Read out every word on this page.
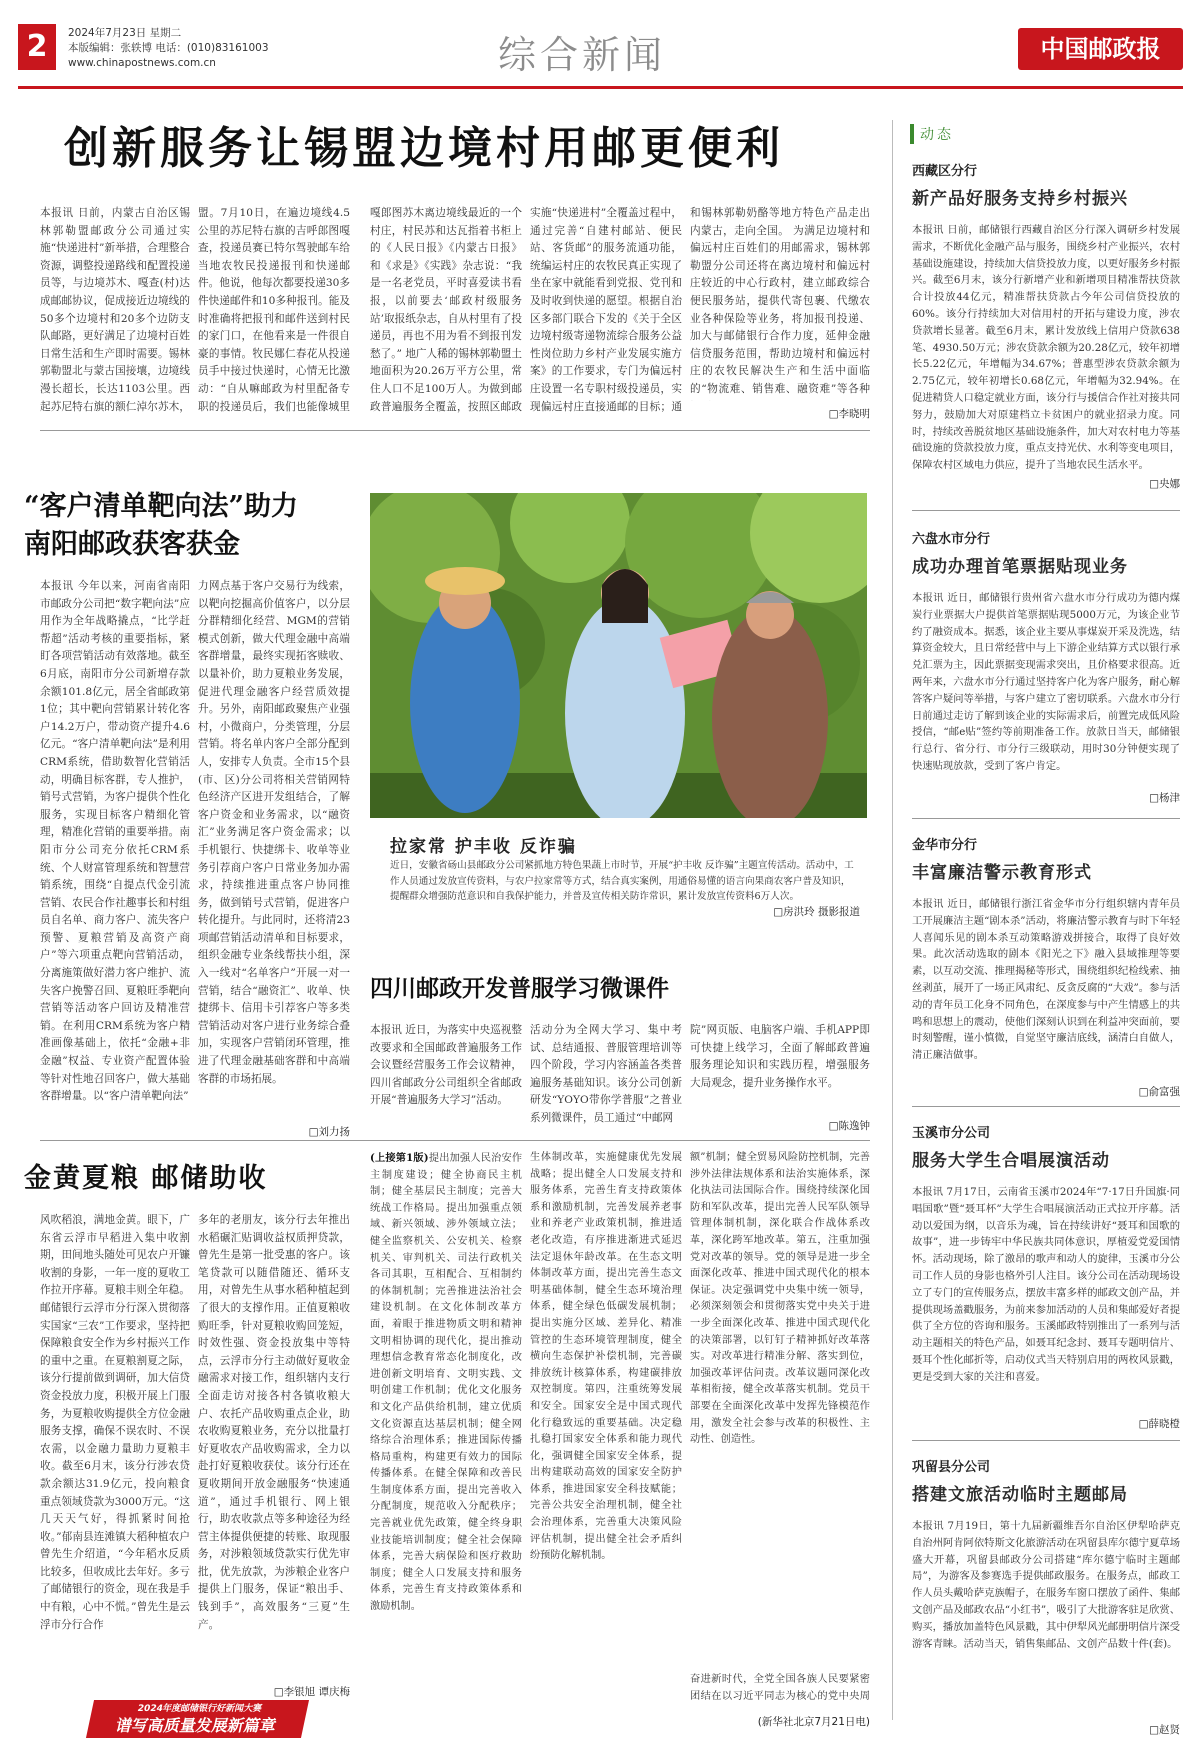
2	2024年7月23日 星期二
本版编辑：张轶博 电话：(010)83161003
www.chinapostnews.com.cn	综合新闻	中国邮政报
创新服务让锡盟边境村用邮更便利
本报讯 日前，内蒙古自治区锡林郭勒盟邮政分公司通过实施“快递进村”新举措，合理整合资源，调整投递路线和配置投递员等，与边境苏木、嘎查(村)达成邮邮协议，促成接近边境线的50多个边境村和20多个边防支队邮路，更好满足了边境村百姓日常生活和生产即时需要。锡林郭勒盟北与蒙古国接壤，边境线漫长超长，长达1103公里。西起苏尼特右旗的额仁淖尔苏木，
盟。7月10日，在遍边境线4.5公里的苏尼特右旗的吉呼郎图嘎查，投递员赛已特尔驾驶邮车给当地农牧民投递报刊和快递邮件。他说，他每次都要投递30多件快递邮件和10多种报刊。能及时准确将把报刊和邮件送到村民的家门口，在他看来是一件很自豪的事情。牧民娜仁春花从投递员手中接过快递时，心情无比激动：“自从嘛邮政为村里配备专职的投递员后，我们也能像城里
嘎郎图苏木离边境线最近的一个村庄，村民苏和达瓦指着书柜上的《人民日报》《内蒙古日报》和《求是》《实践》杂志说：“我是一名老党员，平时喜爱读书看报，以前要去‘邮政村级服务站’取报纸杂志，自从村里有了投递员，再也不用为看不到报刊发愁了。” 地广人稀的锡林郭勒盟土地面积为20.26万平方公里，常住人口不足100万人。为做到邮政普遍服务全覆盖，按照区邮政
实施“快递进村”全覆盖过程中，通过完善“自建村邮站、便民站、客货邮”的服务流通功能，统编运村庄的农牧民真正实现了坐在家中就能看到党报、党刊和及时收到快递的愿望。根据自治区多部门联合下发的《关于全区边境村级寄递物流综合服务公益性岗位助力乡村产业发展实施方案》的工作要求，专门为偏远村庄设置一名专职村级投递员，实现偏远村庄直接通邮的目标；通
和锡林郭勒奶酪等地方特色产品走出内蒙古，走向全国。 为满足边境村和偏远村庄百姓们的用邮需求，锡林郭勒盟分公司还将在离边境村和偏远村庄较近的中心行政村，建立邮政综合便民服务站，提供代寄包裹、代缴农业各种保险等业务，将加报刊投递、加大与邮储银行合作力度，延伸金融信贷服务范围，帮助边境村和偏远村庄的农牧民解决生产和生活中面临的“物流难、销售难、融资难”等各种
□李晓明
“客户清单靶向法”助力
南阳邮政获客获金
本报讯 今年以来，河南省南阳市邮政分公司把“数字靶向法”应用作为全年战略撬点，“比学赶帮超”活动考核的重要指标，紧盯各项营销活动有效落地。截至6月底，南阳市分公司新增存款余额101.8亿元，居全省邮政第1位；其中靶向营销累计转化客户14.2万户，带动资产提升4.6亿元。“客户清单靶向法”是利用CRM系统，借助数智化营销活动，明确目标客群，专人推护，销号式营销，为客户提供个性化服务，实现目标客户精细化管理，精准化营销的重要举措。南阳市分公司充分依托CRM系统、个人财富管理系统和智慧营销系统，围绕“自提点代金引流营销、农民合作社趣事长和村组员自名单、商力客户、流失客户预警、夏粮营销及高资产商户”等六项重点靶向营销活动，分离施策做好潜力客户维护、流失客户挽警召回、夏粮旺季靶向营销等活动客户回访及精准营销。在利用CRM系统为客户精准画像基础上，依托“金融+非金融”权益、专业资产配置体验等针对性地召回客户，做大基础客群增量。以“客户清单靶向法”
力网点基于客户交易行为线索，以靶向挖掘高价值客户，以分层分群精细化经营、MGM的营销模式创新，做大代理金融中高端客群增量，最终实现拓客赎收、以量补价，助力夏粮业务发展，促进代理金融客户经营质效提升。另外，南阳邮政聚焦产业强村，小微商户，分类管理，分层营销。将名单内客户全部分配到人，安排专人负责。全市15个县(市、区)分公司将相关营销网特色经济产区进开发组结合，了解客户资金和业务需求，以“融资汇”业务满足客户资金需求；以手机银行、快捷绑卡、收单等业务引荐商户客户日常业务加办需求，持续推进重点客户协同推务，做到销号式营销，促进客户转化提升。与此同时，还将清23项邮营销活动清单和目标要求，组织金融专业条线帮扶小组，深入一线对“名单客户”开展一对一营销，结合“融资汇”、收单、快捷绑卡、信用卡引荐客户等多类营销活动对客户进行业务综合叠加，实现客户营销闭环管理，推进了代理金融基础客群和中高端客群的市场拓展。
□刘力扬
拉家常 护丰收 反诈骗
近日，安徽省砀山县邮政分公司紧抓地方特色果蔬上市时节，开展“护丰收 反诈骗”主题宣传活动。活动中，工作人员通过发放宣传资料，与农户拉家常等方式，结合真实案例，用通俗易懂的语言向果商农客户普及知识，提醒群众增强防范意识和自我保护能力，并普及宣传相关防诈常识，累计发放宣传资料6万人次。
□房洪玲 摄影报道
四川邮政开发普服学习微课件
本报讯 近日，为落实中央巡视整改要求和全国邮政普遍服务工作会议暨经营服务工作会议精神，四川省邮政分公司组织全省邮政开展“普遍服务大学习”活动。
活动分为全网大学习、集中考试、总结通报、普服管理培训等四个阶段，学习内容涵盖各类普遍服务基础知识。该分公司创新研发“YOYO带你学普服”之普业系列微课件，员工通过“中邮网
院”网页版、电脑客户端、手机APP即可快捷上线学习，全面了解邮政普遍服务理论知识和实践历程，增强服务大局观念，提升业务操作水平。
□陈逸钟
金黄夏粮 邮储助收
风吹稻浪，满地金黄。眼下，广东省云浮市早稻进入集中收割期，田间地头随处可见农户开镰收割的身影，一年一度的夏收工作拉开序幕。夏粮丰则全年稳。邮储银行云浮市分行深入贯彻落实国家“三农”工作要求，坚持把保障粮食安全作为乡村振兴工作的重中之重。在夏粮割夏之际，该分行提前做到调研，加大信贷资金投放力度，积极开展上门服务，为夏粮收购提供全方位金融服务支撑，确保不误农时、不误农需，以金融力量助力夏粮丰收。截至6月末，该分行涉农贷款余额达31.9亿元，投向粮食重点领域贷款为3000万元。“这几天天气好，得抓紧时间抢收。”郁南县连滩镇大稻种植农户曾先生介绍道，“今年稻水反质比较多，但收成比去年好。多亏了邮储银行的资金，现在我是手中有粮，心中不慌。”曾先生是云浮市分行合作
多年的老朋友，该分行去年推出水稻碾汇贴调收益权质押贷款，曾先生是第一批受惠的客户。该笔贷款可以随借随还、循环支用，对曾先生从事水稻种植起到了很大的支撑作用。正值夏粮收购旺季，针对夏粮收购回笼短，时效性强、资金投放集中等特点，云浮市分行主动做好夏收金融需求对接工作，组织辖内支行全面走访对接各村各镇收粮大户、农托产品收购重点企业，助农收购夏粮业务，充分以批量打好夏收农产品收购需求，全力以赴打好夏粮收获仗。该分行还在夏收期间开放金融服务“快速通道”，通过手机银行、网上银行，助农收款点等多种途径为经营主体提供便捷的转账、取现服务，对涉粮领域贷款实行优先审批，优先放款，为涉粮企业客户提供上门服务，保证“粮出手、钱到手”，高效服务“三夏”生产。
□李银旭 谭庆梅
(上接第1版)提出加强人民治安作主制度建设；健全协商民主机制；健全基层民主制度；完善大统战工作格局。提出加强重点领域、新兴领域、涉外领域立法；健全监察机关、公安机关、检察机关、审判机关、司法行政机关各司其职，互相配合、互相制约的体制机制；完善推进法治社会建设机制。在文化体制改革方面，着眼于推进物质文明和精神文明相协调的现代化，提出推动理想信念教育常态化制度化，改进创新文明培育、文明实践、文明创建工作机制；优化文化服务和文化产品供给机制，建立优质文化资源直达基层机制；健全网络综合治理体系；推进国际传播格局重构，构建更有效力的国际传播体系。在健全保障和改善民生制度体系方面，提出完善收入分配制度，规范收入分配秩序；完善就业优先政策，健全终身职业技能培训制度；健全社会保障体系，完善大病保险和医疗救助制度；健全人口发展支持和服务体系，完善生育支持政策体系和激励机制。
生体制改革，实施健康优先发展战略；提出健全人口发展支持和服务体系，完善生育支持政策体系和激励机制，完善发展养老事业和养老产业政策机制，推进适老化改造，有序推进渐进式延迟法定退休年龄改革。在生态文明体制改革方面，提出完善生态文明基础体制，健全生态环境治理体系，健全绿色低碳发展机制；提出实施分区域、差异化、精准管控的生态环境管理制度，健全横向生态保护补偿机制，完善碳排放统计核算体系，构建碳排放双控制度。第四，注重统筹发展和安全。国家安全是中国式现代化行稳致远的重要基础。决定稳扎稳打国家安全体系和能力现代化，强调健全国家安全体系，提出构建联动高效的国家安全防护体系，推进国家安全科技赋能；完善公共安全治理机制，健全社会治理体系，完善重大决策风险评估机制，提出健全社会矛盾纠纷预防化解机制。
额”机制；健全贸易风险防控机制，完善涉外法律法规体系和法治实施体系，深化执法司法国际合作。围绕持续深化国防和军队改革，提出完善人民军队领导管理体制机制，深化联合作战体系改革，深化跨军地改革。第五，注重加强党对改革的领导。党的领导是进一步全面深化改革、推进中国式现代化的根本保证。决定强调党中央集中统一领导，必须深刻领会和贯彻落实党中央关于进一步全面深化改革、推进中国式现代化的决策部署，以钉钉子精神抓好改革落实。对改革进行精准分解、落实到位，加强改革评估问责。改革议题同深化改革相衔接，健全改革落实机制。党员干部要在全面深化改革中发挥先锋模范作用，激发全社会参与改革的积极性、主动性、创造性。
奋进新时代，全党全国各族人民要紧密团结在以习近平同志为核心的党中央周
(新华社北京7月21日电)
2024年度邮储银行好新闻大赛
谱写高质量发展新篇章
动态
西藏区分行
新产品好服务支持乡村振兴
本报讯 日前，邮储银行西藏自治区分行深入调研乡村发展需求，不断优化金融产品与服务，围绕乡村产业振兴，农村基础设施建设，持续加大信贷投放力度，以更好服务乡村振兴。截至6月末，该分行新增产业和新增项目精准帮扶贷款合计投放44亿元，精准帮扶贷款占今年公司信贷投放的60%。该分行持续加大对信用村的开拓与建设力度，涉农贷款增长显著。截至6月末，累计发放线上信用户贷款638笔、4930.50万元；涉农贷款余额为20.28亿元，较年初增长5.22亿元，年增幅为34.67%；普惠型涉农贷款余额为2.75亿元，较年初增长0.68亿元，年增幅为32.94%。在促进精贷人口稳定就业方面，该分行与援信合作社对接共同努力，鼓励加大对原建档立卡贫困户的就业招录力度。同时，持续改善脱贫地区基础设施条件，加大对农村电力等基础设施的贷款投放力度，重点支持光伏、水利等变电项目，保障农村区域电力供应，提升了当地农民生活水平。
□央娜
六盘水市分行
成功办理首笔票据贴现业务
本报讯 近日，邮储银行贵州省六盘水市分行成功为德内煤炭行业票据大户提供首笔票据贴现5000万元，为该企业节约了融资成本。据悉，该企业主要从事煤炭开采及洗选，结算资金较大，且日常经营中与上下游企业结算方式以银行承兑汇票为主，因此票据变现需求突出，且价格要求很高。近两年来，六盘水市分行通过坚持客户化为客户服务，耐心解答客户疑问等举措，与客户建立了密切联系。六盘水市分行日前通过走访了解到该企业的实际需求后，前置完成低风险授信，“邮e贴”签约等前期准备工作。放款日当天，邮储银行总行、省分行、市分行三级联动，用时30分钟便实现了快速贴现放款，受到了客户肯定。
□杨津
金华市分行
丰富廉洁警示教育形式
本报讯 近日，邮储银行浙江省金华市分行组织辖内青年员工开展廉洁主题“剧本杀”活动，将廉洁警示教育与时下年轻人喜闻乐见的剧本杀互动策略游戏拼接合，取得了良好效果。此次活动选取的剧本《阳光之下》融入县域推理等要素，以互动交流、推理揭秘等形式，围绕组织纪检线索、抽丝剥茧，展开了一场正风肃纪、反贪反腐的“大戏”。参与活动的青年员工化身不同角色，在深度参与中产生情感上的共鸣和思想上的震动，使他们深刻认识到在利益冲突面前，要时刻警醒，谨小慎微，自觉坚守廉洁底线，涵清白自做人，清正廉洁做事。
□俞富强
玉溪市分公司
服务大学生合唱展演活动
本报讯 7月17日，云南省玉溪市2024年“7·17日升国旗·同唱国歌”暨“聂耳杯”大学生合唱展演活动正式拉开序幕。活动以爱国为纲，以音乐为魂，旨在持续讲好“聂耳和国歌的故事”，进一步铸牢中华民族共同体意识，厚植爱党爱国情怀。活动现场，除了激昂的歌声和动人的旋律，玉溪市分公司工作人员的身影也格外引人注目。该分公司在活动现场设立了专门的宣传服务点，摆放丰富多样的邮政文创产品，并提供现场盖戳服务，为前来参加活动的人员和集邮爱好者提供了全方位的咨询和服务。玉溪邮政特别推出了一系列与活动主题相关的特色产品，如聂耳纪念封、聂耳专题明信片、聂耳个性化邮折等，启动仪式当天特别启用的两枚风景戳，更是受到大家的关注和喜爱。
□薛晓橙
巩留县分公司
搭建文旅活动临时主题邮局
本报讯 7月19日，第十九届新疆维吾尔自治区伊犁哈萨克自治州阿肯阿依特斯文化旅游活动在巩留县库尔德宁夏草场盛大开幕，巩留县邮政分公司搭建“库尔德宁临时主题邮局”，为游客及参赛选手提供邮政服务。在服务点，邮政工作人员头戴哈萨克族帽子，在服务车窗口摆放了函件、集邮文创产品及邮政农品“小红书”，吸引了大批游客驻足欣赏、购买，播放加盖特色风景戳，其中伊犁风光邮册明信片深受游客青睐。活动当天，销售集邮品、文创产品数十件(套)。
□赵贤
